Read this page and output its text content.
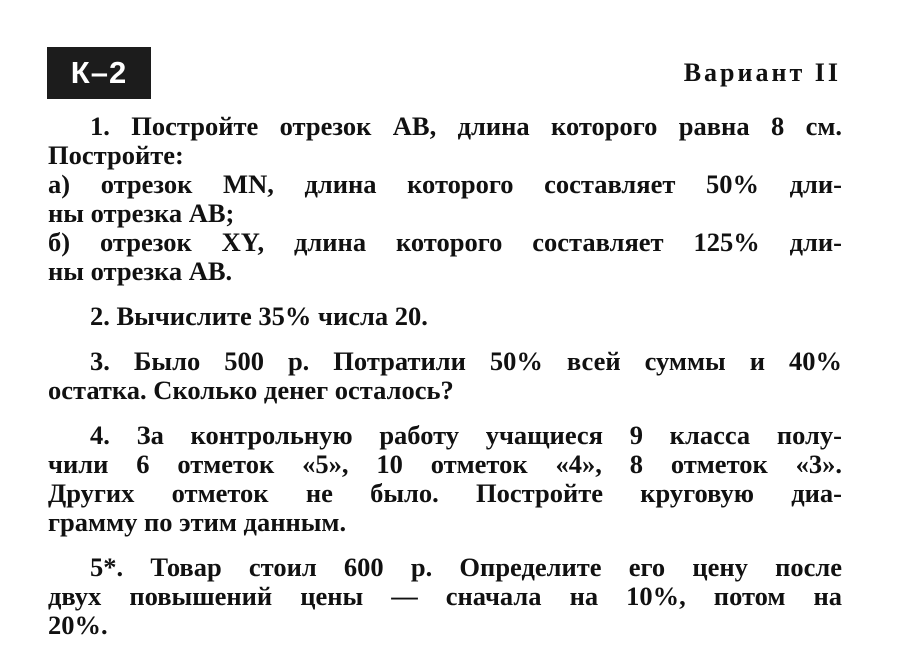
К–2	Вариант II
1. Постройте отрезок AB, длина которого равна 8 см.
Постройте:
а) отрезок MN, длина которого составляет 50% дли-
ны отрезка AB;
б) отрезок XY, длина которого составляет 125% дли-
ны отрезка AB.
2. Вычислите 35% числа 20.
3. Было 500 р. Потратили 50% всей суммы и 40%
остатка. Сколько денег осталось?
4. За контрольную работу учащиеся 9 класса полу-
чили 6 отметок «5», 10 отметок «4», 8 отметок «3».
Других отметок не было. Постройте круговую диа-
грамму по этим данным.
5*. Товар стоил 600 р. Определите его цену после
двух повышений цены — сначала на 10%, потом на
20%.
